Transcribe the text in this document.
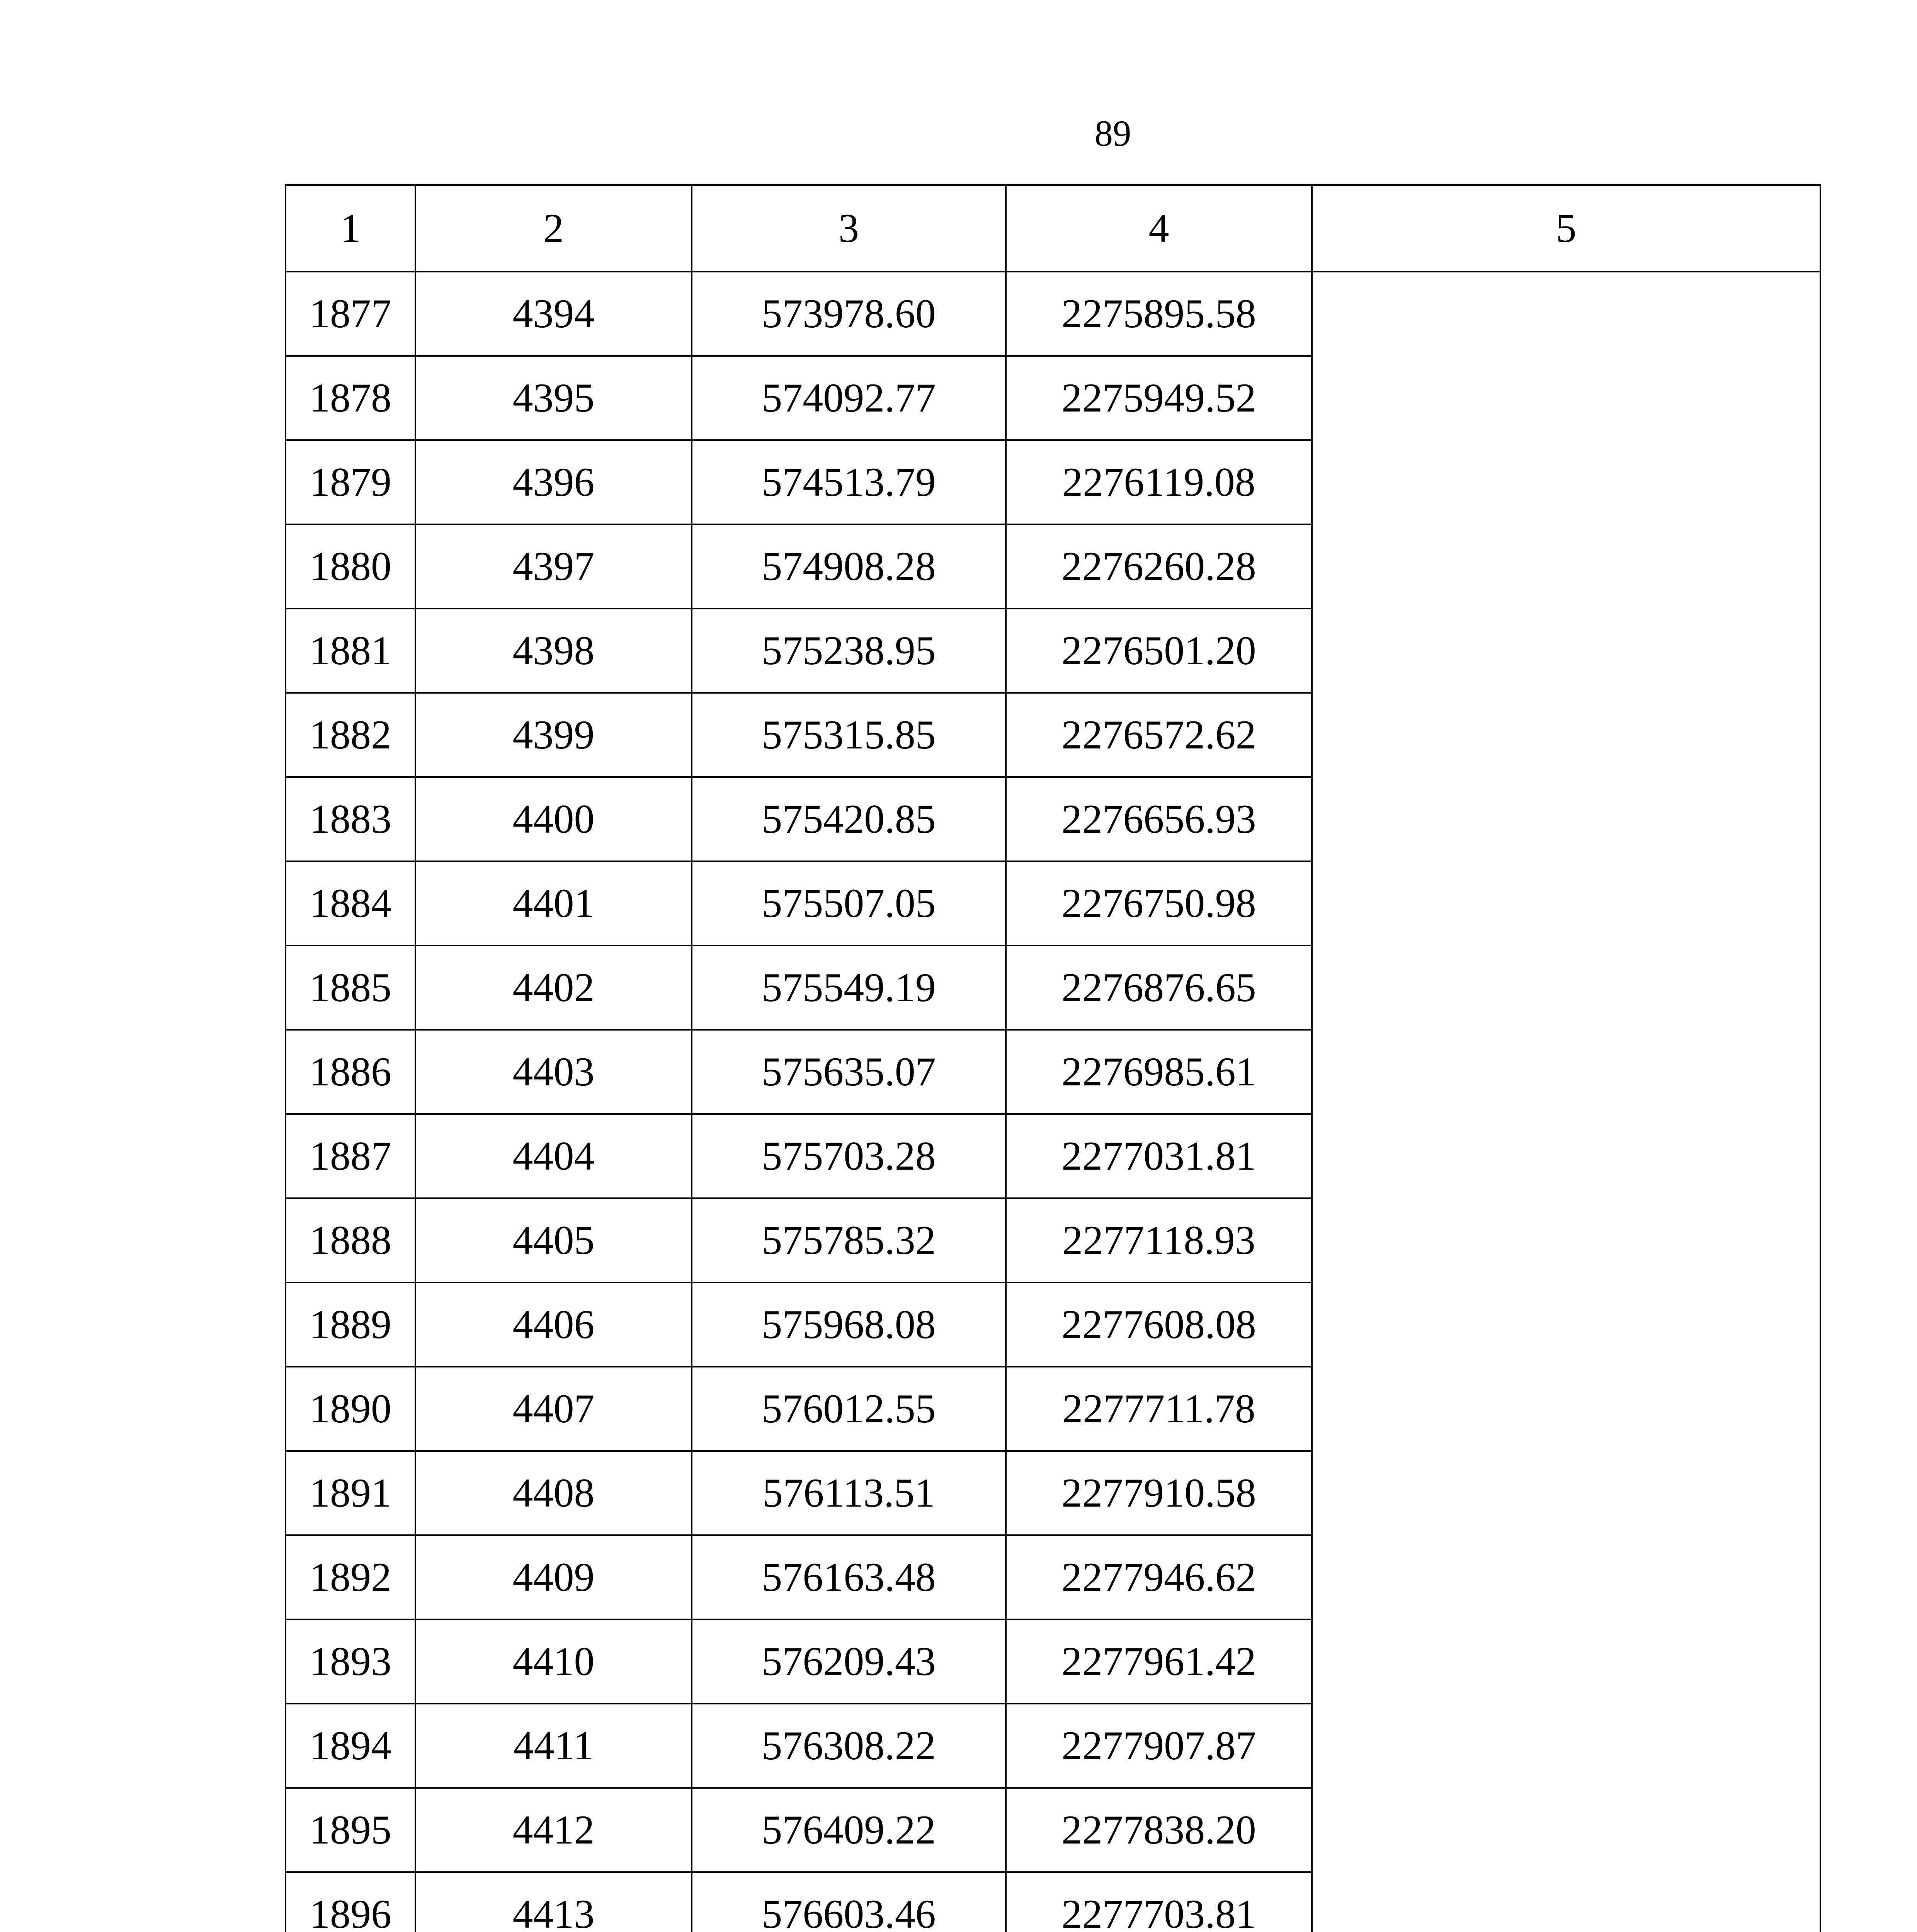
89
1	2	3	4	5
1877	4394	573978.60	2275895.58	
1878	4395	574092.77	2275949.52	
1879	4396	574513.79	2276119.08	
1880	4397	574908.28	2276260.28	
1881	4398	575238.95	2276501.20	
1882	4399	575315.85	2276572.62	
1883	4400	575420.85	2276656.93	
1884	4401	575507.05	2276750.98	
1885	4402	575549.19	2276876.65	
1886	4403	575635.07	2276985.61	
1887	4404	575703.28	2277031.81	
1888	4405	575785.32	2277118.93	
1889	4406	575968.08	2277608.08	
1890	4407	576012.55	2277711.78	
1891	4408	576113.51	2277910.58	
1892	4409	576163.48	2277946.62	
1893	4410	576209.43	2277961.42	
1894	4411	576308.22	2277907.87	
1895	4412	576409.22	2277838.20	
1896	4413	576603.46	2277703.81	
